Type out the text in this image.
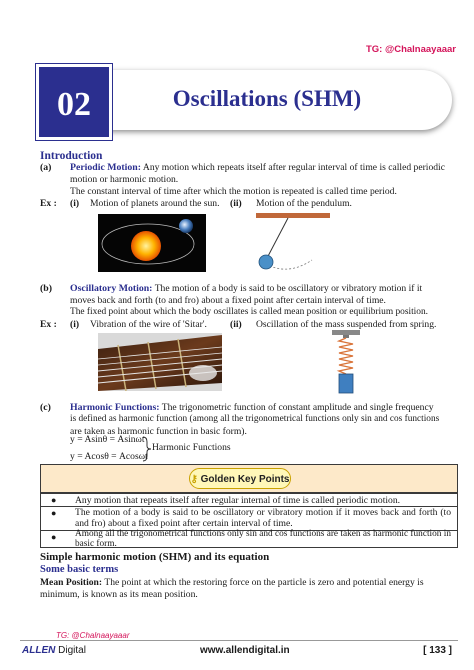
TG: @Chalnaayaaar
Oscillations (SHM)
02
Introduction
(a) Periodic Motion: Any motion which repeats itself after regular interval of time is called periodic
motion or harmonic motion.
The constant interval of time after which the motion is repeated is called time period.
Ex : (i) Motion of planets around the sun. (ii) Motion of the pendulum.
(b) Oscillatory Motion: The motion of a body is said to be oscillatory or vibratory motion if it
moves back and forth (to and fro) about a fixed point after certain interval of time.
The fixed point about which the body oscillates is called mean position or equilibrium position.
Ex : (i) Vibration of the wire of 'Sitar'. (ii) Oscillation of the mass suspended from spring.
(c) Harmonic Functions: The trigonometric function of constant amplitude and single frequency
is defined as harmonic function (among all the trigonometrical functions only sin and cos functions
are taken as harmonic function in basic form).
y = Asinθ = Asinωt
y = Acosθ = Acosωt
Harmonic Functions
⚷ Golden Key Points
● Any motion that repeats itself after regular internal of time is called periodic motion.
● The motion of a body is said to be oscillatory or vibratory motion if it moves back and forth (to and fro) about a fixed point after certain interval of time.
● Among all the trigonometrical functions only sin and cos functions are taken as harmonic function in basic form.
Simple harmonic motion (SHM) and its equation
Some basic terms
Mean Position: The point at which the restoring force on the particle is zero and potential energy is
minimum, is known as its mean position.
TG: @Chalnaayaaar
ALLEN Digital	www.allendigital.in	[ 133 ]
